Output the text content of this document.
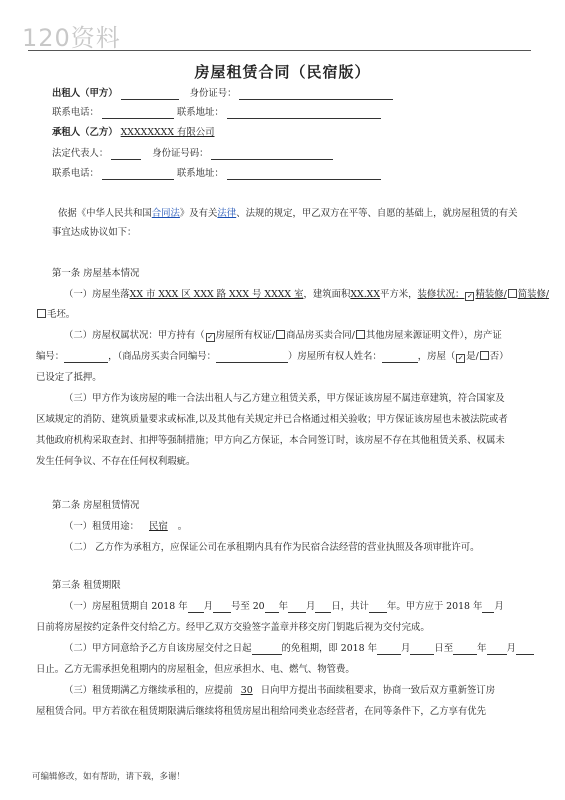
120资料
房屋租赁合同（民宿版）
出租人（甲方）	身份证号：
联系电话：	联系地址：
承租人（乙方） XXXXXXXX 有限公司
法定代表人：	身份证号码：
联系电话：	联系地址：
依据《中华人民共和国合同法》及有关法律、法规的规定，甲乙双方在平等、自愿的基础上，就房屋租赁的有关
事宜达成协议如下：
第一条 房屋基本情况
（一）房屋坐落XX 市 XXX 区 XXX 路 XXX 号 XXXX 室，建筑面积XX.XX平方米，装修状况： ✓ 精装修/ 简装修/
毛坯。
（二）房屋权属状况：甲方持有（ ✓ 房屋所有权证/ 商品房买卖合同/ 其他房屋来源证明文件），房产证
编号：	，（商品房买卖合同编号：	）房屋所有权人姓名：	，房屋（ ✓ 是/ 否）
已设定了抵押。
（三）甲方作为该房屋的唯一合法出租人与乙方建立租赁关系，甲方保证该房屋不属违章建筑，符合国家及
区域规定的消防、建筑质量要求或标准,以及其他有关规定并已合格通过相关验收；甲方保证该房屋也未被法院或者
其他政府机构采取查封、扣押等强制措施；甲方向乙方保证，本合同签订时，该房屋不存在其他租赁关系、权属未
发生任何争议、不存在任何权利瑕疵。
第二条 房屋租赁情况
（一）租赁用途： 民宿 。
（二） 乙方作为承租方，应保证公司在承租期内具有作为民宿合法经营的营业执照及各项审批许可。
第三条 租赁期限
（一）房屋租赁期自 2018 年 月 号至 20 年 月 日，共计 年。甲方应于 2018 年 月
日前将房屋按约定条件交付给乙方。经甲乙双方交验签字盖章并移交房门钥匙后视为交付完成。
（二）甲方同意给予乙方自该房屋交付之日起	的免租期，即 2018 年	月	日至	年 月
日止。乙方无需承担免租期内的房屋租金，但应承担水、电、燃气、物管费。
（三）租赁期满乙方继续承租的，应提前 30 日向甲方提出书面续租要求，协商一致后双方重新签订房
屋租赁合同。甲方若欲在租赁期限满后继续将租赁房屋出租给同类业态经营者，在同等条件下，乙方享有优先
可编辑修改，如有帮助，请下载，多谢！
